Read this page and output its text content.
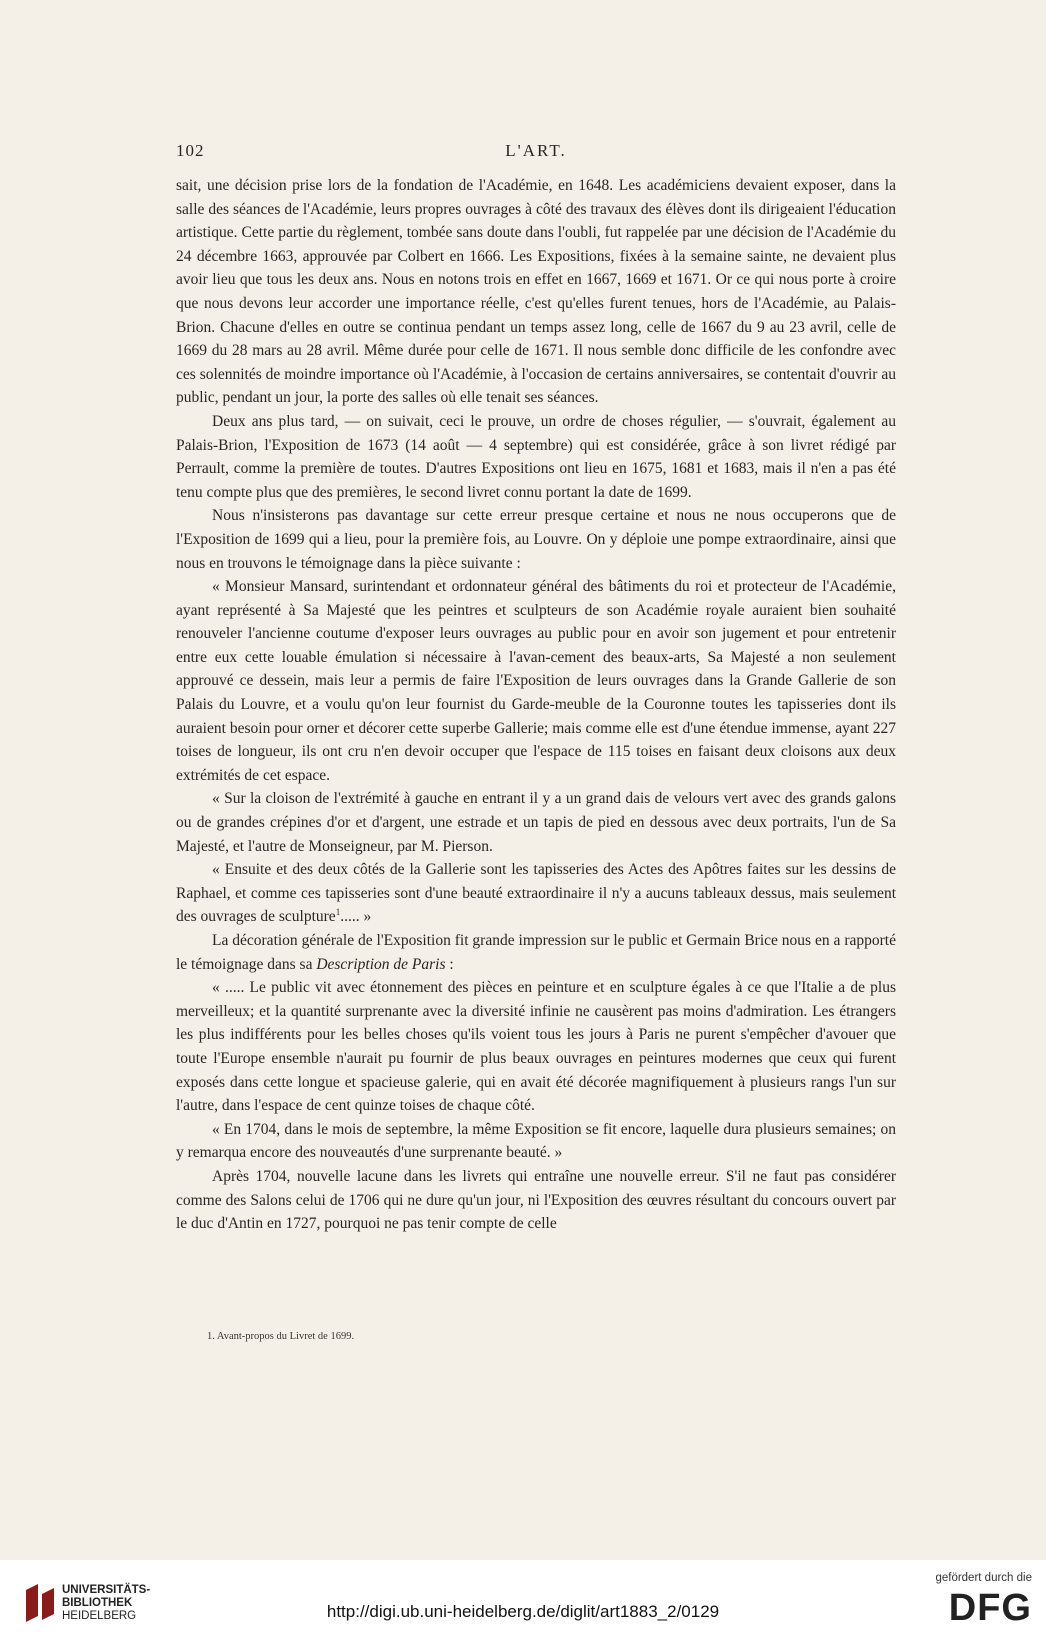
102	L'ART.

sait, une décision prise lors de la fondation de l'Académie, en 1648. Les académiciens devaient exposer, dans la salle des séances de l'Académie, leurs propres ouvrages à côté des travaux des élèves dont ils dirigeaient l'éducation artistique. Cette partie du règlement, tombée sans doute dans l'oubli, fut rappelée par une décision de l'Académie du 24 décembre 1663, approuvée par Colbert en 1666. Les Expositions, fixées à la semaine sainte, ne devaient plus avoir lieu que tous les deux ans. Nous en notons trois en effet en 1667, 1669 et 1671. Or ce qui nous porte à croire que nous devons leur accorder une importance réelle, c'est qu'elles furent tenues, hors de l'Académie, au Palais-Brion. Chacune d'elles en outre se continua pendant un temps assez long, celle de 1667 du 9 au 23 avril, celle de 1669 du 28 mars au 28 avril. Même durée pour celle de 1671. Il nous semble donc difficile de les confondre avec ces solennités de moindre importance où l'Académie, à l'occasion de certains anniversaires, se contentait d'ouvrir au public, pendant un jour, la porte des salles où elle tenait ses séances.

Deux ans plus tard, — on suivait, ceci le prouve, un ordre de choses régulier, — s'ouvrait, également au Palais-Brion, l'Exposition de 1673 (14 août — 4 septembre) qui est considérée, grâce à son livret rédigé par Perrault, comme la première de toutes. D'autres Expositions ont lieu en 1675, 1681 et 1683, mais il n'en a pas été tenu compte plus que des premières, le second livret connu portant la date de 1699.

Nous n'insisterons pas davantage sur cette erreur presque certaine et nous ne nous occuperons que de l'Exposition de 1699 qui a lieu, pour la première fois, au Louvre. On y déploie une pompe extraordinaire, ainsi que nous en trouvons le témoignage dans la pièce suivante :

« Monsieur Mansard, surintendant et ordonnateur général des bâtiments du roi et protecteur de l'Académie, ayant représenté à Sa Majesté que les peintres et sculpteurs de son Académie royale auraient bien souhaité renouveler l'ancienne coutume d'exposer leurs ouvrages au public pour en avoir son jugement et pour entretenir entre eux cette louable émulation si nécessaire à l'avan-cement des beaux-arts, Sa Majesté a non seulement approuvé ce dessein, mais leur a permis de faire l'Exposition de leurs ouvrages dans la Grande Gallerie de son Palais du Louvre, et a voulu qu'on leur fournist du Garde-meuble de la Couronne toutes les tapisseries dont ils auraient besoin pour orner et décorer cette superbe Gallerie; mais comme elle est d'une étendue immense, ayant 227 toises de longueur, ils ont cru n'en devoir occuper que l'espace de 115 toises en faisant deux cloisons aux deux extrémités de cet espace.

« Sur la cloison de l'extrémité à gauche en entrant il y a un grand dais de velours vert avec des grands galons ou de grandes crépines d'or et d'argent, une estrade et un tapis de pied en dessous avec deux portraits, l'un de Sa Majesté, et l'autre de Monseigneur, par M. Pierson.

« Ensuite et des deux côtés de la Gallerie sont les tapisseries des Actes des Apôtres faites sur les dessins de Raphael, et comme ces tapisseries sont d'une beauté extraordinaire il n'y a aucuns tableaux dessus, mais seulement des ouvrages de sculpture$^1$..... »

La décoration générale de l'Exposition fit grande impression sur le public et Germain Brice nous en a rapporté le témoignage dans sa Description de Paris :

« ..... Le public vit avec étonnement des pièces en peinture et en sculpture égales à ce que l'Italie a de plus merveilleux; et la quantité surprenante avec la diversité infinie ne causèrent pas moins d'admiration. Les étrangers les plus indifférents pour les belles choses qu'ils voient tous les jours à Paris ne purent s'empêcher d'avouer que toute l'Europe ensemble n'aurait pu fournir de plus beaux ouvrages en peintures modernes que ceux qui furent exposés dans cette longue et spacieuse galerie, qui en avait été décorée magnifiquement à plusieurs rangs l'un sur l'autre, dans l'espace de cent quinze toises de chaque côté.

« En 1704, dans le mois de septembre, la même Exposition se fit encore, laquelle dura plusieurs semaines; on y remarqua encore des nouveautés d'une surprenante beauté. »

Après 1704, nouvelle lacune dans les livrets qui entraîne une nouvelle erreur. S'il ne faut pas considérer comme des Salons celui de 1706 qui ne dure qu'un jour, ni l'Exposition des œuvres résultant du concours ouvert par le duc d'Antin en 1727, pourquoi ne pas tenir compte de celle

1. Avant-propos du Livret de 1699.
UNIVERSITÄTS-
BIBLIOTHEK
HEIDELBERG	http://digi.ub.uni-heidelberg.de/diglit/art1883_2/0129
gefördert durch die
DFG
